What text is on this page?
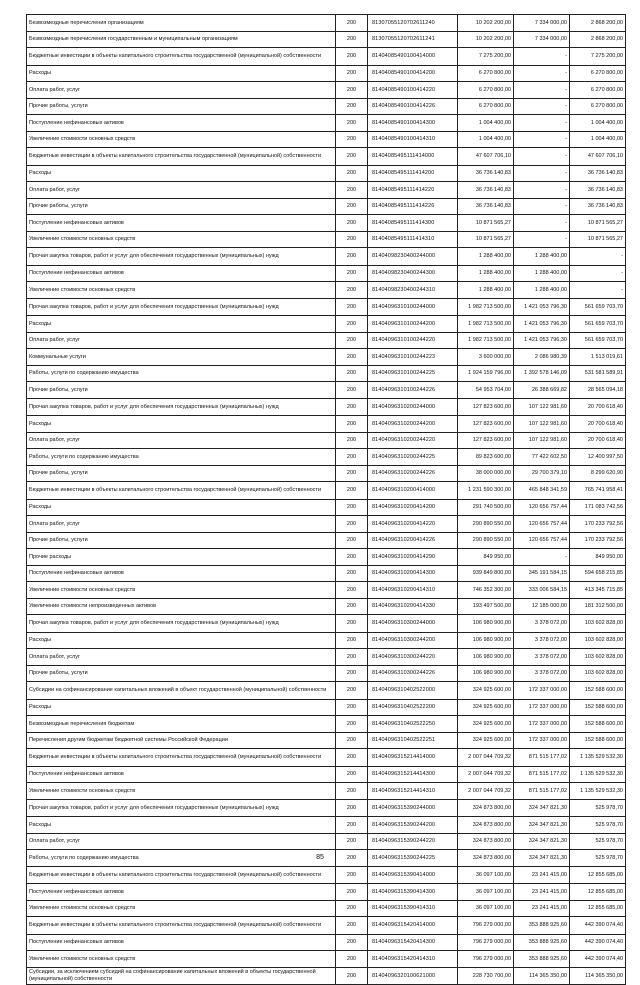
Безвозмездные перечисления организациям	200	81307055120702611240	10 202 200,00	7 334 000,00	2 868 200,00
Безвозмездные перечисления государственным и муниципальным организациям	200	81307055120702611241	10 202 200,00	7 334 000,00	2 868 200,00
Бюджетные инвестиции в объекты капитального строительства государственной (муниципальной) собственности	200	81404085490100414000	7 275 200,00	-	7 275 200,00
Расходы	200	81404085490100414200	6 270 800,00	-	6 270 800,00
Оплата работ, услуг	200	81404085490100414220	6 270 800,00	-	6 270 800,00
Прочие работы, услуги	200	81404085490100414226	6 270 800,00	-	6 270 800,00
Поступление нефинансовых активов	200	81404085490100414300	1 004 400,00	-	1 004 400,00
Увеличение стоимости основных средств	200	81404085490100414310	1 004 400,00	-	1 004 400,00
Бюджетные инвестиции в объекты капитального строительства государственной (муниципальной) собственности	200	81404085495111414000	47 607 706,10	-	47 607 706,10
Расходы	200	81404085495111414200	36 736 140,83	-	36 736 140,83
Оплата работ, услуг	200	81404085495111414220	36 736 140,83	-	36 736 140,83
Прочие работы, услуги	200	81404085495111414226	36 736 140,83	-	36 736 140,83
Поступление нефинансовых активов	200	81404085495111414300	10 871 565,27	-	10 871 565,27
Увеличение стоимости основных средств	200	81404085495111414310	10 871 565,27	-	10 871 565,27
Прочая закупка товаров, работ и услуг для обеспечения государственных (муниципальных) нужд	200	81404098230400244000	1 288 400,00	1 288 400,00	-
Поступление нефинансовых активов	200	81404098230400244300	1 288 400,00	1 288 400,00	-
Увеличение стоимости основных средств	200	81404098230400244310	1 288 400,00	1 288 400,00	-
Прочая закупка товаров, работ и услуг для обеспечения государственных (муниципальных) нужд	200	81404096310100244000	1 982 713 500,00	1 421 053 796,30	561 659 703,70
Расходы	200	81404096310100244200	1 982 713 500,00	1 421 053 796,30	561 659 703,70
Оплата работ, услуг	200	81404096310100244220	1 982 713 500,00	1 421 053 796,30	561 659 703,70
Коммунальные услуги	200	81404096310100244223	3 600 000,00	2 086 980,39	1 513 019,61
Работы, услуги по содержанию имущества	200	81404096310100244225	1 924 159 796,00	1 392 578 146,09	531 581 589,91
Прочие работы, услуги	200	81404096310100244226	54 953 704,00	26 388 669,82	28 565 094,18
Прочая закупка товаров, работ и услуг для обеспечения государственных (муниципальных) нужд	200	81404096310200244000	127 823 600,00	107 122 981,60	20 700 618,40
Расходы	200	81404096310200244200	127 823 600,00	107 122 981,60	20 700 618,40
Оплата работ, услуг	200	81404096310200244220	127 823 600,00	107 122 981,60	20 700 618,40
Работы, услуги по содержанию имущества	200	81404096310200244225	89 823 600,00	77 422 602,50	12 400 997,50
Прочие работы, услуги	200	81404096310200244226	38 000 000,00	29 700 379,10	8 299 620,90
Бюджетные инвестиции в объекты капитального строительства государственной (муниципальной) собственности	200	81404096310200414000	1 231 590 300,00	465 848 341,59	765 741 958,41
Расходы	200	81404096310200414200	291 740 500,00	120 656 757,44	171 083 742,56
Оплата работ, услуг	200	81404096310200414220	290 890 550,00	120 656 757,44	170 233 792,56
Прочие работы, услуги	200	81404096310200414226	290 890 550,00	120 656 757,44	170 233 792,56
Прочие расходы	200	81404096310200414290	849 950,00	-	849 950,00
Поступление нефинансовых активов	200	81404096310200414300	939 849 800,00	345 191 584,15	594 658 215,85
Увеличение стоимости основных средств	200	81404096310200414310	746 352 300,00	333 006 584,15	413 345 715,85
Увеличение стоимости непроизведенных активов	200	81404096310200414330	193 497 500,00	12 185 000,00	181 312 500,00
Прочая закупка товаров, работ и услуг для обеспечения государственных (муниципальных) нужд	200	81404096310300244000	106 980 900,00	3 378 072,00	103 602 828,00
Расходы	200	81404096310300244200	106 980 900,00	3 378 072,00	103 602 828,00
Оплата работ, услуг	200	81404096310300244220	106 980 900,00	3 378 072,00	103 602 828,00
Прочие работы, услуги	200	81404096310300244226	106 980 900,00	3 378 072,00	103 602 828,00
Субсидии на софинансирование капитальных вложений в объект государственной (муниципальной) собственности	200	81404096310402522000	324 925 600,00	172 337 000,00	152 588 600,00
Расходы	200	81404096310402522200	324 925 600,00	172 337 000,00	152 588 600,00
Безвозмездные перечисления бюджетам	200	81404096310402522250	324 925 600,00	172 337 000,00	152 588 600,00
Перечисления другим бюджетам бюджетной системы Российской Федерации	200	81404096310402522251	324 925 600,00	172 337 000,00	152 588 600,00
Бюджетные инвестиции в объекты капитального строительства государственной (муниципальной) собственности	200	81404096315214414000	2 007 044 709,32	871 515 177,02	1 135 529 532,30
Поступление нефинансовых активов	200	81404096315214414300	2 007 044 709,32	871 515 177,02	1 135 529 532,30
Увеличение стоимости основных средств	200	81404096315214414310	2 007 044 709,32	871 515 177,02	1 135 529 532,30
Прочая закупка товаров, работ и услуг для обеспечения государственных (муниципальных) нужд	200	81404096315390244000	324 873 800,00	324 347 821,30	525 978,70
Расходы	200	81404096315390244200	324 873 800,00	324 347 821,30	525 978,70
Оплата работ, услуг	200	81404096315390244220	324 873 800,00	324 347 821,30	525 978,70
Работы, услуги по содержанию имущества	200	81404096315390244225	324 873 800,00	324 347 821,30	525 978,70
Бюджетные инвестиции в объекты капитального строительства государственной (муниципальной) собственности	200	81404096315390414000	36 097 100,00	23 241 415,00	12 855 685,00
Поступление нефинансовых активов	200	81404096315390414300	36 097 100,00	23 241 415,00	12 855 685,00
Увеличение стоимости основных средств	200	81404096315390414310	36 097 100,00	23 241 415,00	12 855 685,00
Бюджетные инвестиции в объекты капитального строительства государственной (муниципальной) собственности	200	81404096315420414000	796 279 000,00	353 888 925,60	442 390 074,40
Поступление нефинансовых активов	200	81404096315420414300	796 279 000,00	353 888 925,60	442 390 074,40
Увеличение стоимости основных средств	200	81404096315420414310	796 279 000,00	353 888 925,60	442 390 074,40
Субсидии, за исключением субсидий на софинансирование капитальных вложений в объекты государственной (муниципальной) собственности	200	81404096320100621000	228 730 700,00	114 365 350,00	114 365 350,00
85
